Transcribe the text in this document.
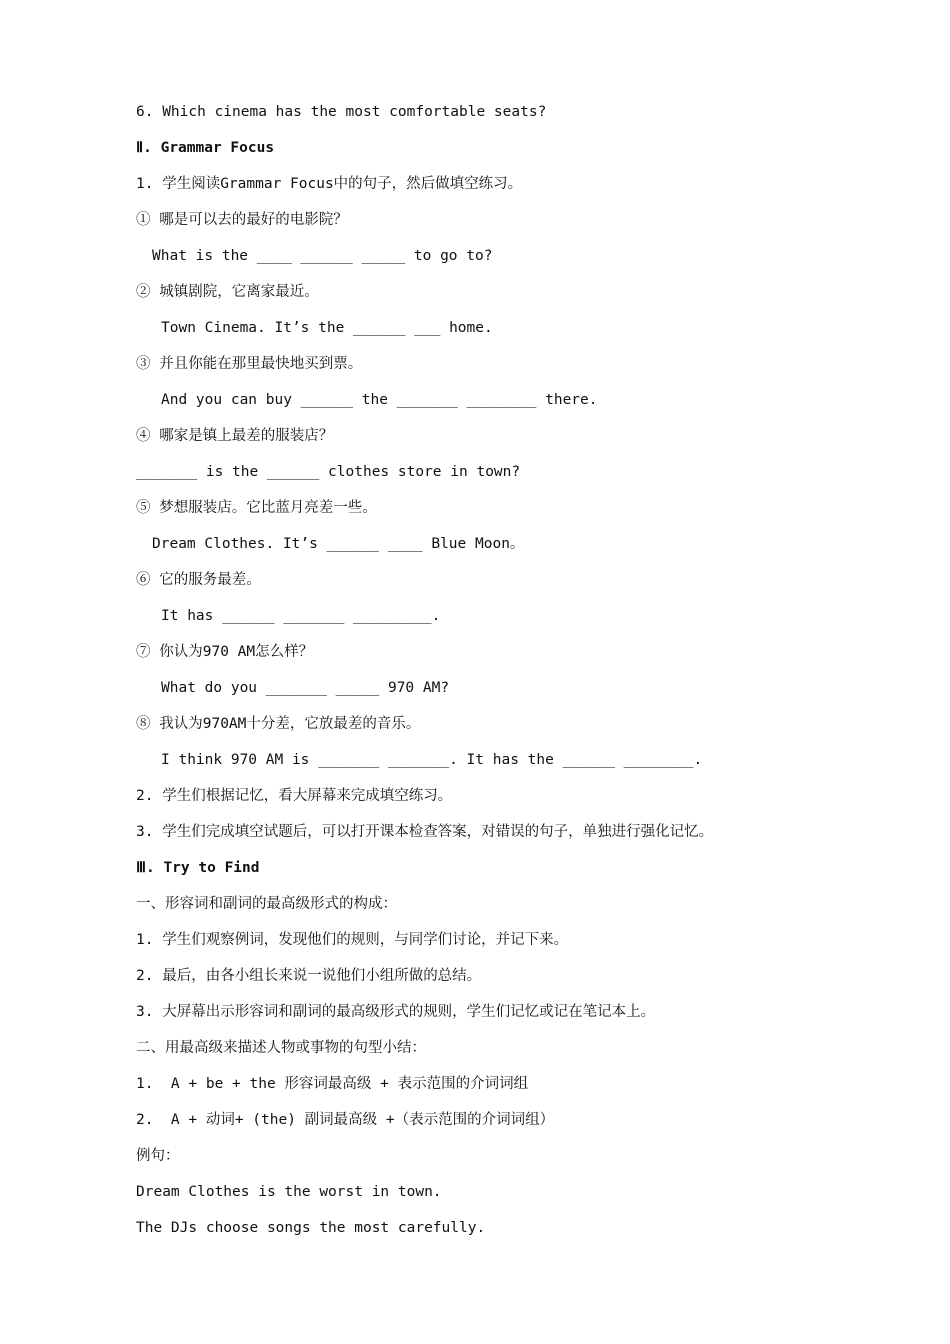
6. Which cinema has the most comfortable seats?
Ⅱ. Grammar Focus
1. 学生阅读Grammar Focus中的句子，然后做填空练习。
① 哪是可以去的最好的电影院？
What is the ____ ______ _____ to go to?
② 城镇剧院，它离家最近。
Town Cinema. It’s the ______ ___ home.
③ 并且你能在那里最快地买到票。
And you can buy ______ the _______ ________ there.
④ 哪家是镇上最差的服装店？
_______ is the ______ clothes store in town?
⑤ 梦想服装店。它比蓝月亮差一些。
Dream Clothes. It’s ______ ____ Blue Moon。
⑥ 它的服务最差。
It has ______ _______ _________.
⑦ 你认为970 AM怎么样？
What do you _______ _____ 970 AM?
⑧ 我认为970AM十分差，它放最差的音乐。
I think 970 AM is _______ _______. It has the ______ ________.
2. 学生们根据记忆，看大屏幕来完成填空练习。
3. 学生们完成填空试题后，可以打开课本检查答案，对错误的句子，单独进行强化记忆。
Ⅲ. Try to Find
一、形容词和副词的最高级形式的构成：
1. 学生们观察例词，发现他们的规则，与同学们讨论，并记下来。
2. 最后，由各小组长来说一说他们小组所做的总结。
3. 大屏幕出示形容词和副词的最高级形式的规则，学生们记忆或记在笔记本上。
二、用最高级来描述人物或事物的句型小结：
1.  A + be + the 形容词最高级 + 表示范围的介词词组
2.  A + 动词+ (the) 副词最高级 +（表示范围的介词词组）
例句：
Dream Clothes is the worst in town.
The DJs choose songs the most carefully.
